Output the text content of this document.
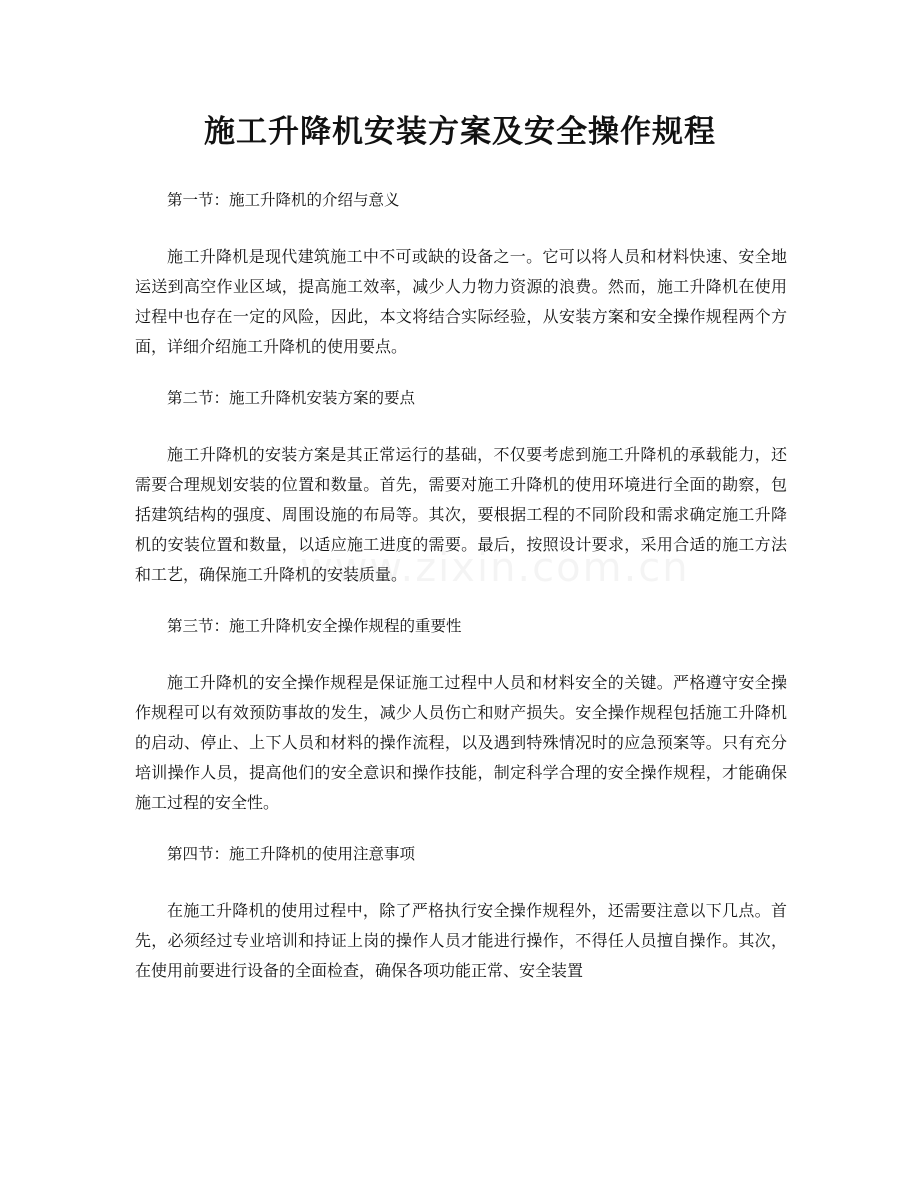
施工升降机安装方案及安全操作规程

第一节：施工升降机的介绍与意义

施工升降机是现代建筑施工中不可或缺的设备之一。它可以将人员和材料快速、安全地运送到高空作业区域，提高施工效率，减少人力物力资源的浪费。然而，施工升降机在使用过程中也存在一定的风险，因此，本文将结合实际经验，从安装方案和安全操作规程两个方面，详细介绍施工升降机的使用要点。

第二节：施工升降机安装方案的要点

施工升降机的安装方案是其正常运行的基础，不仅要考虑到施工升降机的承载能力，还需要合理规划安装的位置和数量。首先，需要对施工升降机的使用环境进行全面的勘察，包括建筑结构的强度、周围设施的布局等。其次，要根据工程的不同阶段和需求确定施工升降机的安装位置和数量，以适应施工进度的需要。最后，按照设计要求，采用合适的施工方法和工艺，确保施工升降机的安装质量。

第三节：施工升降机安全操作规程的重要性

施工升降机的安全操作规程是保证施工过程中人员和材料安全的关键。严格遵守安全操作规程可以有效预防事故的发生，减少人员伤亡和财产损失。安全操作规程包括施工升降机的启动、停止、上下人员和材料的操作流程，以及遇到特殊情况时的应急预案等。只有充分培训操作人员，提高他们的安全意识和操作技能，制定科学合理的安全操作规程，才能确保施工过程的安全性。

第四节：施工升降机的使用注意事项

在施工升降机的使用过程中，除了严格执行安全操作规程外，还需要注意以下几点。首先，必须经过专业培训和持证上岗的操作人员才能进行操作，不得任人员擅自操作。其次，在使用前要进行设备的全面检查，确保各项功能正常、安全装置
